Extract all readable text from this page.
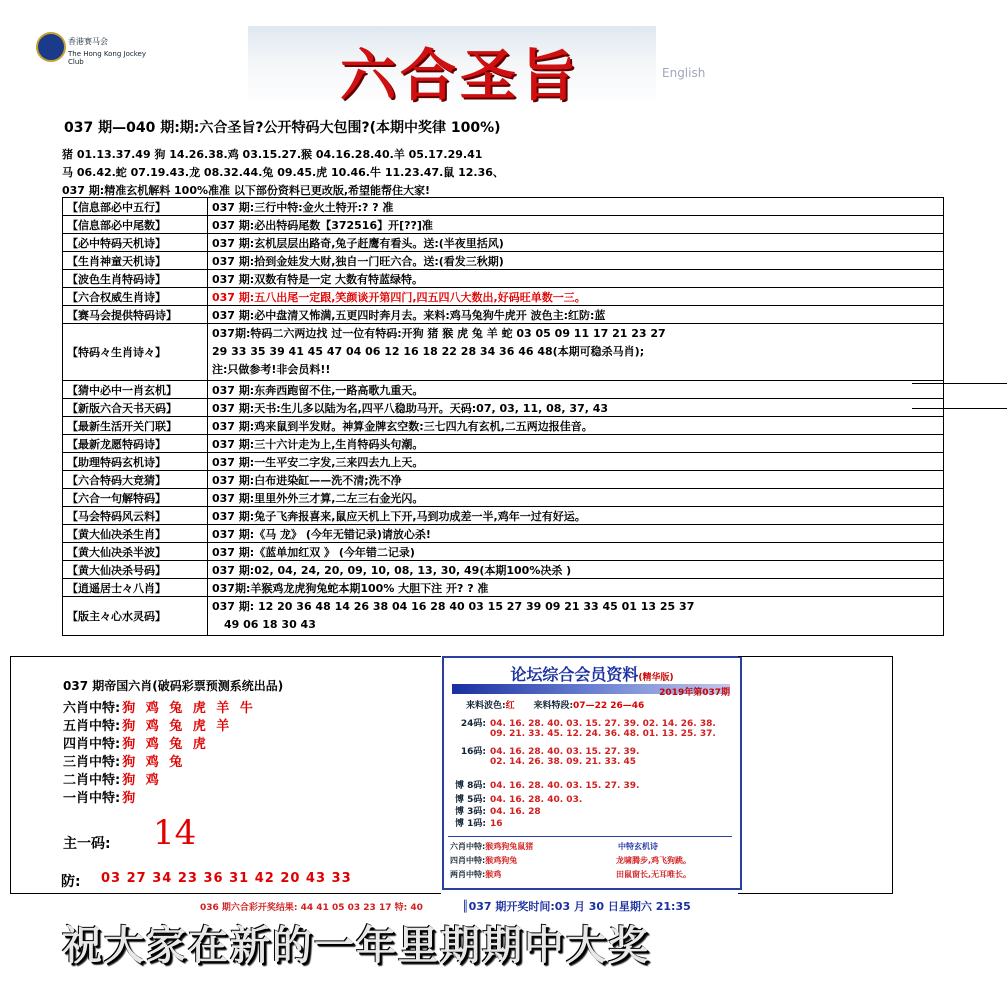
香港赛马会
The Hong Kong Jockey Club	六合圣旨	English
037 期—040 期:期:六合圣旨?公开特码大包围?(本期中奖律 100%)
猪 01.13.37.49 狗 14.26.38.鸡 03.15.27.猴 04.16.28.40.羊 05.17.29.41
马 06.42.蛇 07.19.43.龙 08.32.44.兔 09.45.虎 10.46.牛 11.23.47.鼠 12.36、
037 期:精准玄机解料 100%准准 以下部份资料已更改版,希望能帮住大家!
【信息部必中五行】	037 期:三行中特:金火土特开:? ? 准
【信息部必中尾数】	037 期:必出特码尾数【372516】开[??]准
【必中特码天机诗】	037 期:玄机层层出路奇,兔子赶鹰有看头。送:(半夜里括风)
【生肖神童天机诗】	037 期:拾到金娃发大财,独自一门旺六合。送:(看发三秋期)
【波色生肖特码诗】	037 期:双数有特是一定 大数有特蓝绿特。
【六合权威生肖诗】	037 期:五八出尾一定跟,笑颜谈开第四门,四五四八大数出,好码旺单数一三。
【赛马会提供特码诗】	037 期:必中盘清又怖满,五更四时奔月去。来料:鸡马兔狗牛虎开 波色主:红防:蓝
【特码々生肖诗々】	037期:特码二六两边找 过一位有特码:开狗 猪 猴 虎 兔 羊 蛇 03 05 09 11 17 21 23 27
29 33 35 39 41 45 47 04 06 12 16 18 22 28 34 36 46 48(本期可稳杀马肖);
注:只做参考!非会员料!!

【猜中必中一肖玄机】	037 期:东奔西跑留不住,一路高歌九重天。
【新版六合天书天码】	037 期:天书:生儿多以陆为名,四平八稳助马开。天码:07, 03, 11, 08, 37, 43
【最新生活开关门联】	037 期:鸡来鼠到半发财。神算金牌玄空数:三七四九有玄机,二五两边报佳音。
【最新龙愿特码诗】	037 期:三十六计走为上,生肖特码头句潮。
【助理特码玄机诗】	037 期:一生平安二字发,三来四去九上天。
【六合特码大竞猜】	037 期:白布进染缸——洗不清;洗不净
【六合一句解特码】	037 期:里里外外三才算,二左三右金光闪。
【马会特码风云料】	037 期:兔子飞奔报喜来,鼠应天机上下开,马到功成差一半,鸡年一过有好运。
【黄大仙决杀生肖】	037 期:《马 龙》 (今年无错记录)请放心杀!
【黄大仙决杀半波】	037 期:《蓝单加红双 》 (今年错二记录)
【黄大仙决杀号码】	037 期:02, 04, 24, 20, 09, 10, 08, 13, 30, 49(本期100%决杀 )
【逍遥居士々八肖】	037期:羊猴鸡龙虎狗兔蛇本期100% 大胆下注 开? ? 准
【版主々心水灵码】	037 期: 12 20 36 48 14 26 38 04 16 28 40 03 15 27 39 09 21 33 45 01 13 25 37
49 06 18 30 43
037 期帝国六肖(破码彩票预测系统出品)
六肖中特: 狗 鸡 兔 虎 羊 牛
五肖中特: 狗 鸡 兔 虎 羊
四肖中特: 狗 鸡 兔 虎
三肖中特: 狗 鸡 兔
二肖中特: 狗 鸡
一肖中特: 狗
主一码: 14
防: 03 27 34 23 36 31 42 20 43 33
论坛综合会员资料(精华版)
2019年第037期
来料波色:红 来料特段:07—22 26—46
24码: 04. 16. 28. 40. 03. 15. 27. 39. 02. 14. 26. 38.
09. 21. 33. 45. 12. 24. 36. 48. 01. 13. 25. 37.
16码: 04. 16. 28. 40. 03. 15. 27. 39.
02. 14. 26. 38. 09. 21. 33. 45
博 8码: 04. 16. 28. 40. 03. 15. 27. 39.
博 5码: 04. 16. 28. 40. 03.
博 3码: 04. 16. 28
博 1码: 16
六肖中特:猴鸡狗兔鼠猪
四肖中特:猴鸡狗兔
两肖中特:猴鸡
中特玄机诗
龙啸腾步,鸡飞狗跳。
田鼠窗长,无耳唯长。
036 期六合彩开奖结果: 44 41 05 03 23 17 特: 40	║037 期开奖时间:03 月 30 日星期六 21:35
祝大家在新的一年里期期中大奖
